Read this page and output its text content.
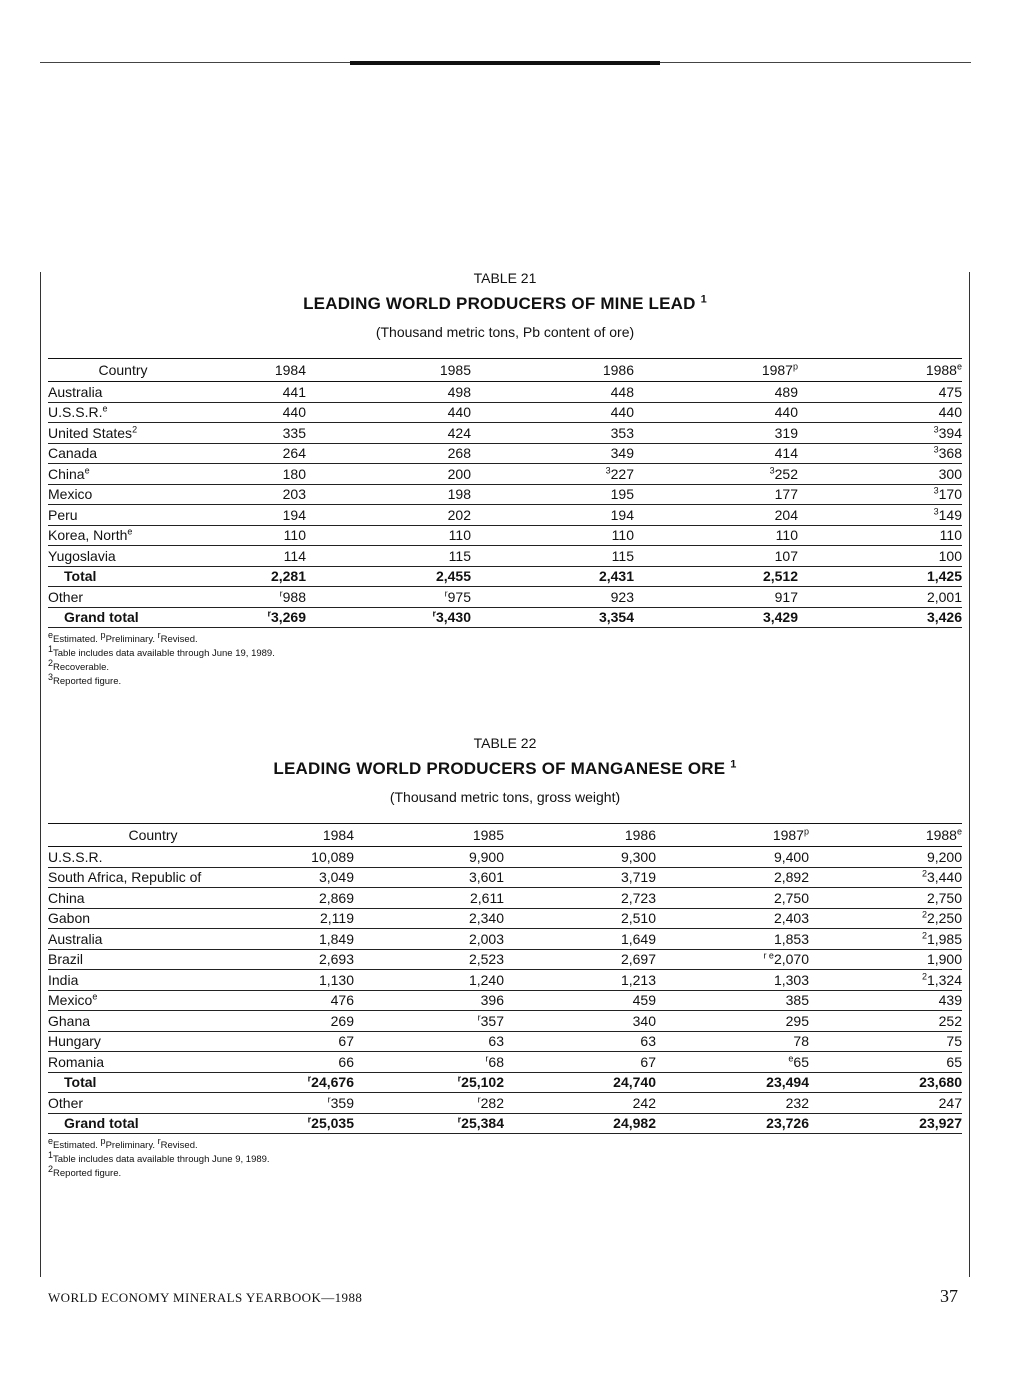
TABLE 21
LEADING WORLD PRODUCERS OF MINE LEAD $^1$
(Thousand metric tons, Pb content of ore)
Country	1984	1985	1986	1987$^p$	1988e
Australia	441	498	448	489	475
U.S.S.R.$^e$	440	440	440	440	440
United States$^2$	335	424	353	319	$^3$394
Canada	264	268	349	414	$^3$368
China$^e$	180	200	$^3$227	$^3$252	300
Mexico	203	198	195	177	$^3$170
Peru	194	202	194	204	$^3$149
Korea, North$^e$	110	110	110	110	110
Yugoslavia	114	115	115	107	100
Total	2,281	2,455	2,431	2,512	1,425
Other	$^r$988	$^r$975	923	917	2,001
Grand total	$^r$3,269	$^r$3,430	3,354	3,429	3,426
$^e$Estimated. $^p$Preliminary. $^r$Revised.
$^1$Table includes data available through June 19, 1989.
$^2$Recoverable.
$^3$Reported figure.
TABLE 22
LEADING WORLD PRODUCERS OF MANGANESE ORE $^1$
(Thousand metric tons, gross weight)
Country	1984	1985	1986	1987$^p$	1988e
U.S.S.R.	10,089	9,900	9,300	9,400	9,200
South Africa, Republic of	3,049	3,601	3,719	2,892	$^2$3,440
China	2,869	2,611	2,723	2,750	2,750
Gabon	2,119	2,340	2,510	2,403	$^2$2,250
Australia	1,849	2,003	1,649	1,853	$^2$1,985
Brazil	2,693	2,523	2,697	$^{r e}$2,070	1,900
India	1,130	1,240	1,213	1,303	$^2$1,324
Mexico$^e$	476	396	459	385	439
Ghana	269	$^r$357	340	295	252
Hungary	67	63	63	78	75
Romania	66	$^r$68	67	$^e$65	65
Total	$^r$24,676	$^r$25,102	24,740	23,494	23,680
Other	$^r$359	$^r$282	242	232	247
Grand total	$^r$25,035	$^r$25,384	24,982	23,726	23,927
$^e$Estimated. $^p$Preliminary. $^r$Revised.
$^1$Table includes data available through June 9, 1989.
$^2$Reported figure.
WORLD ECONOMY MINERALS YEARBOOK—1988	37
